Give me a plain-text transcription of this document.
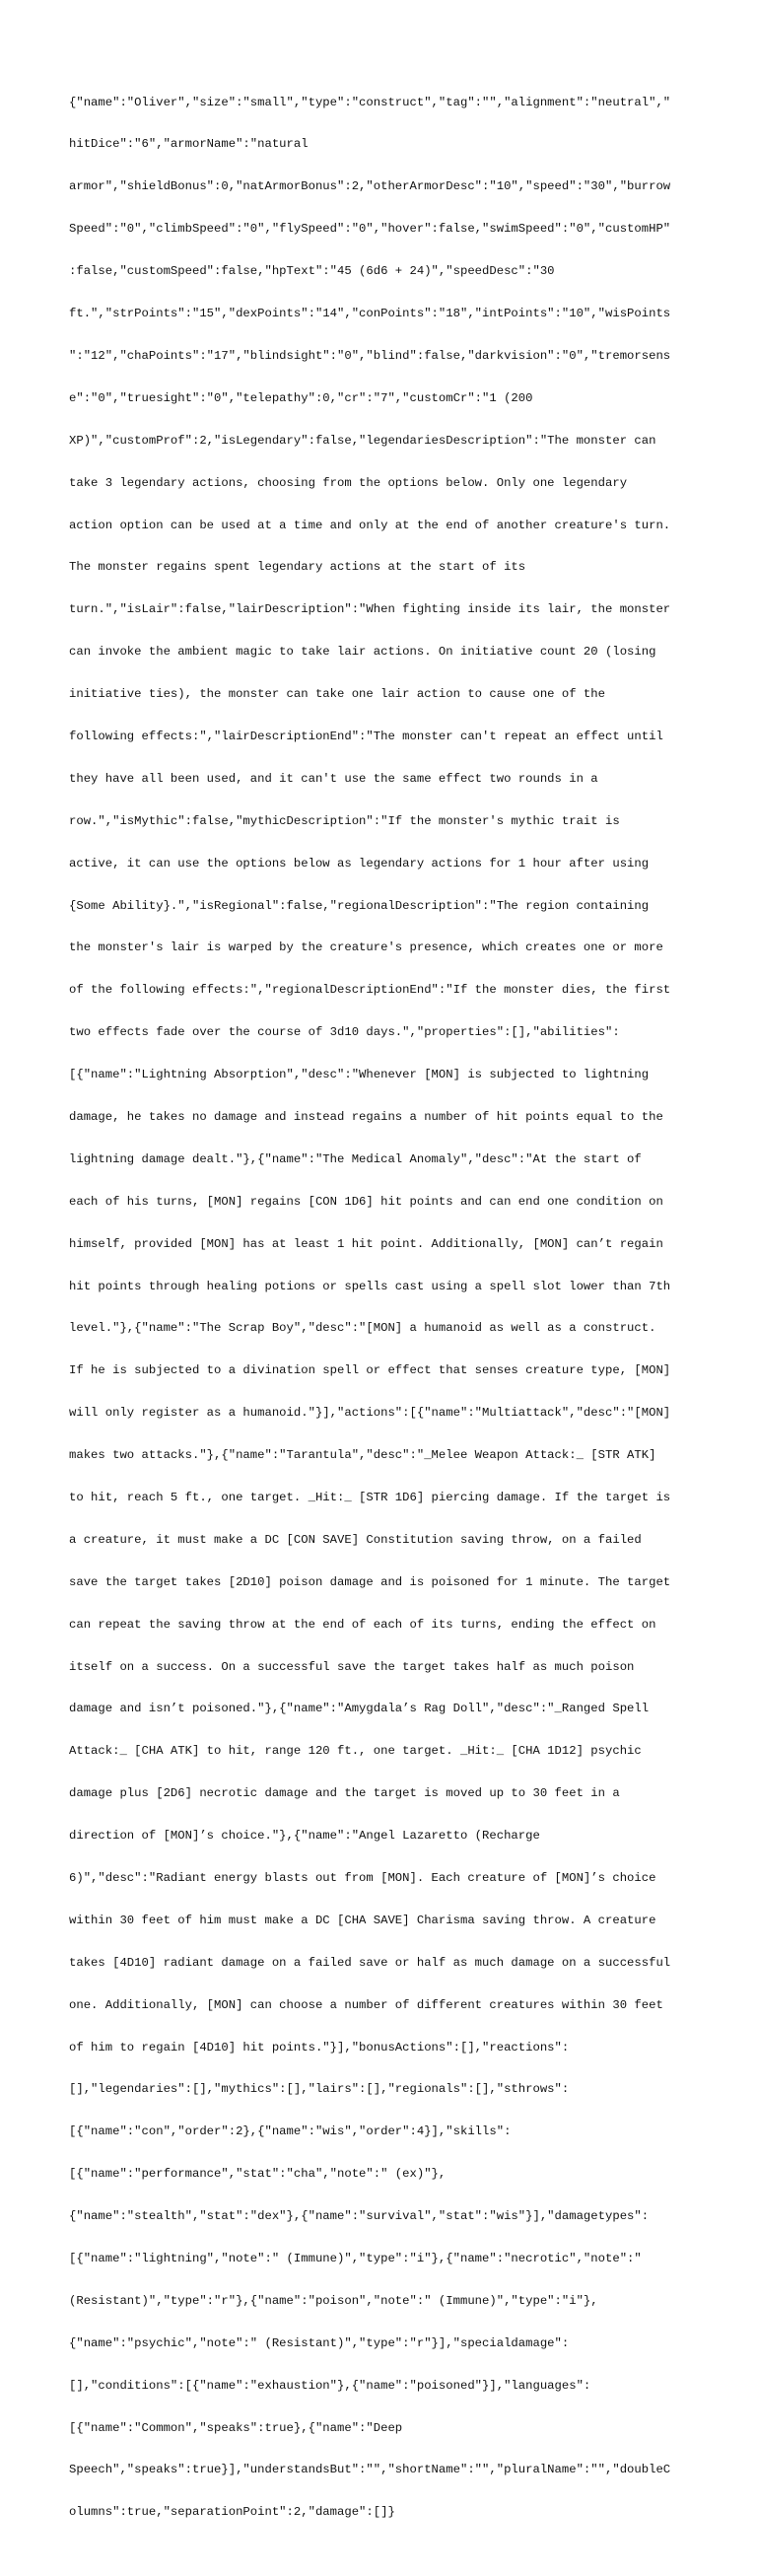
{"name":"Oliver","size":"small","type":"construct","tag":"","alignment":"neutral","

hitDice":"6","armorName":"natural

armor","shieldBonus":0,"natArmorBonus":2,"otherArmorDesc":"10","speed":"30","burrow

Speed":"0","climbSpeed":"0","flySpeed":"0","hover":false,"swimSpeed":"0","customHP"

:false,"customSpeed":false,"hpText":"45 (6d6 + 24)","speedDesc":"30

ft.","strPoints":"15","dexPoints":"14","conPoints":"18","intPoints":"10","wisPoints

":"12","chaPoints":"17","blindsight":"0","blind":false,"darkvision":"0","tremorsens

e":"0","truesight":"0","telepathy":0,"cr":"7","customCr":"1 (200

XP)","customProf":2,"isLegendary":false,"legendariesDescription":"The monster can

take 3 legendary actions, choosing from the options below. Only one legendary

action option can be used at a time and only at the end of another creature's turn.

The monster regains spent legendary actions at the start of its

turn.","isLair":false,"lairDescription":"When fighting inside its lair, the monster

can invoke the ambient magic to take lair actions. On initiative count 20 (losing

initiative ties), the monster can take one lair action to cause one of the

following effects:","lairDescriptionEnd":"The monster can't repeat an effect until

they have all been used, and it can't use the same effect two rounds in a

row.","isMythic":false,"mythicDescription":"If the monster's mythic trait is

active, it can use the options below as legendary actions for 1 hour after using

{Some Ability}.","isRegional":false,"regionalDescription":"The region containing

the monster's lair is warped by the creature's presence, which creates one or more

of the following effects:","regionalDescriptionEnd":"If the monster dies, the first

two effects fade over the course of 3d10 days.","properties":[],"abilities":

[{"name":"Lightning Absorption","desc":"Whenever [MON] is subjected to lightning

damage, he takes no damage and instead regains a number of hit points equal to the

lightning damage dealt."},{"name":"The Medical Anomaly","desc":"At the start of

each of his turns, [MON] regains [CON 1D6] hit points and can end one condition on

himself, provided [MON] has at least 1 hit point. Additionally, [MON] can’t regain

hit points through healing potions or spells cast using a spell slot lower than 7th

level."},{"name":"The Scrap Boy","desc":"[MON] a humanoid as well as a construct.

If he is subjected to a divination spell or effect that senses creature type, [MON]

will only register as a humanoid."}],"actions":[{"name":"Multiattack","desc":"[MON]

makes two attacks."},{"name":"Tarantula","desc":"_Melee Weapon Attack:_ [STR ATK]

to hit, reach 5 ft., one target. _Hit:_ [STR 1D6] piercing damage. If the target is

a creature, it must make a DC [CON SAVE] Constitution saving throw, on a failed

save the target takes [2D10] poison damage and is poisoned for 1 minute. The target

can repeat the saving throw at the end of each of its turns, ending the effect on

itself on a success. On a successful save the target takes half as much poison

damage and isn’t poisoned."},{"name":"Amygdala’s Rag Doll","desc":"_Ranged Spell

Attack:_ [CHA ATK] to hit, range 120 ft., one target. _Hit:_ [CHA 1D12] psychic

damage plus [2D6] necrotic damage and the target is moved up to 30 feet in a

direction of [MON]’s choice."},{"name":"Angel Lazaretto (Recharge

6)","desc":"Radiant energy blasts out from [MON]. Each creature of [MON]’s choice

within 30 feet of him must make a DC [CHA SAVE] Charisma saving throw. A creature

takes [4D10] radiant damage on a failed save or half as much damage on a successful

one. Additionally, [MON] can choose a number of different creatures within 30 feet

of him to regain [4D10] hit points."}],"bonusActions":[],"reactions":

[],"legendaries":[],"mythics":[],"lairs":[],"regionals":[],"sthrows":

[{"name":"con","order":2},{"name":"wis","order":4}],"skills":

[{"name":"performance","stat":"cha","note":" (ex)"},

{"name":"stealth","stat":"dex"},{"name":"survival","stat":"wis"}],"damagetypes":

[{"name":"lightning","note":" (Immune)","type":"i"},{"name":"necrotic","note":"

(Resistant)","type":"r"},{"name":"poison","note":" (Immune)","type":"i"},

{"name":"psychic","note":" (Resistant)","type":"r"}],"specialdamage":

[],"conditions":[{"name":"exhaustion"},{"name":"poisoned"}],"languages":

[{"name":"Common","speaks":true},{"name":"Deep

Speech","speaks":true}],"understandsBut":"","shortName":"","pluralName":"","doubleC

olumns":true,"separationPoint":2,"damage":[]}
